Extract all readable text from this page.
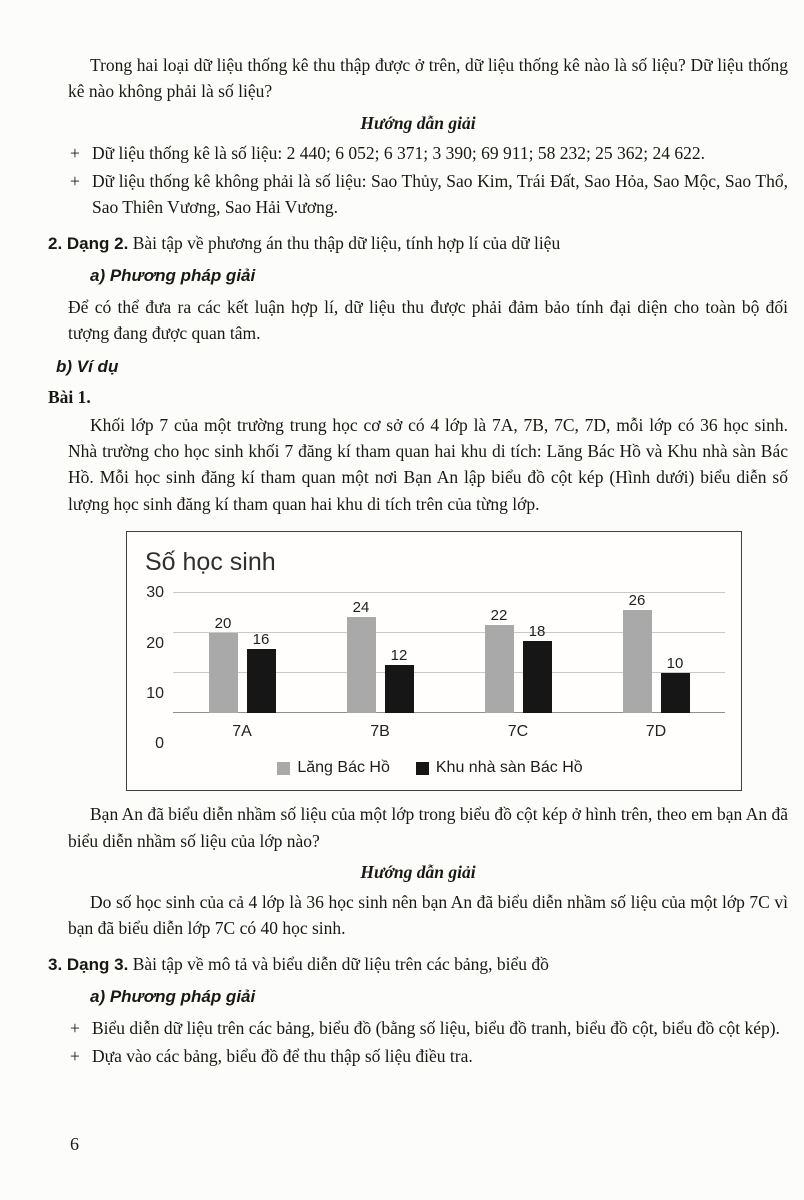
Trong hai loại dữ liệu thống kê thu thập được ở trên, dữ liệu thống kê nào là số liệu? Dữ liệu thống kê nào không phải là số liệu?

Hướng dẫn giải

+ Dữ liệu thống kê là số liệu: 2 440; 6 052; 6 371; 3 390; 69 911; 58 232; 25 362; 24 622.
+ Dữ liệu thống kê không phải là số liệu: Sao Thủy, Sao Kim, Trái Đất, Sao Hỏa, Sao Mộc, Sao Thổ, Sao Thiên Vương, Sao Hải Vương.

2. Dạng 2. Bài tập về phương án thu thập dữ liệu, tính hợp lí của dữ liệu

a) Phương pháp giải

Để có thể đưa ra các kết luận hợp lí, dữ liệu thu được phải đảm bảo tính đại diện cho toàn bộ đối tượng đang được quan tâm.

b) Ví dụ

Bài 1.

Khối lớp 7 của một trường trung học cơ sở có 4 lớp là 7A, 7B, 7C, 7D, mỗi lớp có 36 học sinh. Nhà trường cho học sinh khối 7 đăng kí tham quan hai khu di tích: Lăng Bác Hồ và Khu nhà sàn Bác Hồ. Mỗi học sinh đăng kí tham quan một nơi Bạn An lập biểu đồ cột kép (Hình dưới) biểu diễn số lượng học sinh đăng kí tham quan hai khu di tích trên của từng lớp.

Số học sinh
0
10
20
30
20
16
24
12
22
18
26
10
7A	7B	7C	7D
Lăng Bác Hồ	Khu nhà sàn Bác Hồ

Bạn An đã biểu diễn nhầm số liệu của một lớp trong biểu đồ cột kép ở hình trên, theo em bạn An đã biểu diễn nhầm số liệu của lớp nào?

Hướng dẫn giải

Do số học sinh của cả 4 lớp là 36 học sinh nên bạn An đã biểu diễn nhầm số liệu của một lớp 7C vì bạn đã biểu diễn lớp 7C có 40 học sinh.

3. Dạng 3. Bài tập về mô tả và biểu diễn dữ liệu trên các bảng, biểu đồ

a) Phương pháp giải

+ Biểu diễn dữ liệu trên các bảng, biểu đồ (bằng số liệu, biểu đồ tranh, biểu đồ cột, biểu đồ cột kép).
+ Dựa vào các bảng, biểu đồ để thu thập số liệu điều tra.
6
